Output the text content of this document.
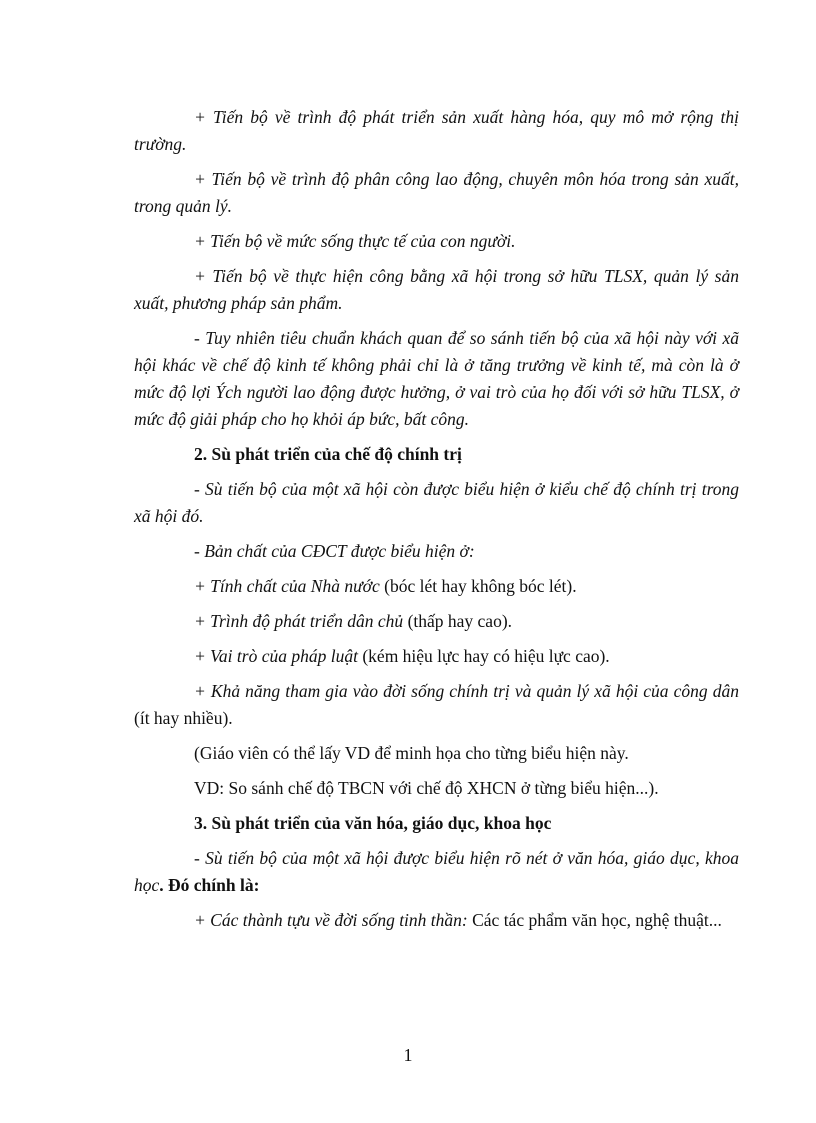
+ Tiến bộ về trình độ phát triển sản xuất hàng hóa, quy mô mở rộng thị trường.

+ Tiến bộ về trình độ phân công lao động, chuyên môn hóa trong sản xuất, trong quản lý.

+ Tiến bộ về mức sống thực tế của con người.

+ Tiến bộ về thực hiện công bằng xã hội trong sở hữu TLSX, quản lý sản xuất, phương pháp sản phẩm.

- Tuy nhiên tiêu chuẩn khách quan để so sánh tiến bộ của xã hội này với xã hội khác về chế độ kinh tế không phải chỉ là ở tăng trưởng về kinh tế, mà còn là ở mức độ lợi Ých người lao động được hưởng, ở vai trò của họ đối với sở hữu TLSX, ở mức độ giải pháp cho họ khỏi áp bức, bất công.

2. Sù phát triển của chế độ chính trị

- Sù tiến bộ của một xã hội còn được biểu hiện ở kiểu chế độ chính trị trong xã hội đó.

- Bản chất của CĐCT được biểu hiện ở:

+ Tính chất của Nhà nước (bóc lét hay không bóc lét).

+ Trình độ phát triển dân chủ (thấp hay cao).

+ Vai trò của pháp luật (kém hiệu lực hay có hiệu lực cao).

+ Khả năng tham gia vào đời sống chính trị và quản lý xã hội của công dân (ít hay nhiều).

(Giáo viên có thể lấy VD để minh họa cho từng biểu hiện này.

VD: So sánh chế độ TBCN với chế độ XHCN ở từng biểu hiện...).

3. Sù phát triển của văn hóa, giáo dục, khoa học

- Sù tiến bộ của một xã hội được biểu hiện rõ nét ở văn hóa, giáo dục, khoa học. Đó chính là:

+ Các thành tựu về đời sống tinh thần: Các tác phẩm văn học, nghệ thuật...

1
